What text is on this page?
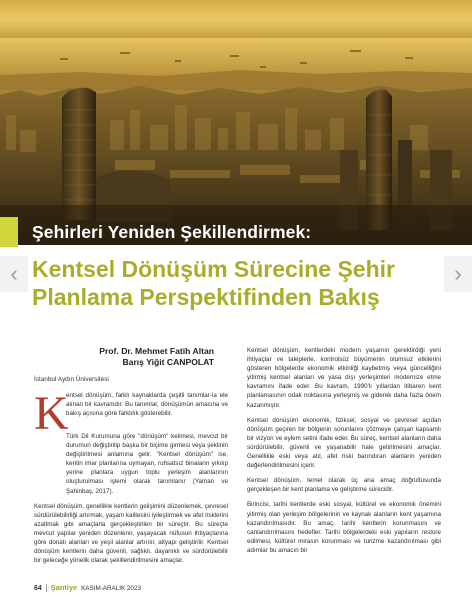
Şehirleri Yeniden Şekillendirmek:
Kentsel Dönüşüm Sürecine Şehir
Planlama Perspektifinden Bakış
‹	›
Prof. Dr. Mehmet Fatih Altan
Barış Yiğit CANPOLAT
İstanbul Aydın Üniversitesi
K

entsel dönüşüm, farklı kaynaklarda çeşitli tanımlar-la ele alınan bir kavramdır. Bu tanımlar, dönüşümün amacına ve bakış açısına göre farklılık gösterebilir.

Türk Dil Kurumuna göre "dönüşüm" kelimesi, mevcut bir durumun değiştirilip başka bir biçime girmesi veya şeklinin değiştirilmesi anlamına gelir. "Kentsel dönüşüm" ise, kentin imar planlarına uymayan, ruhsatsız binaların yıkılıp yerine planlara uygun toplu yerleşim alanlarının oluşturulması işlemi olarak tanımlanır (Yaman ve Şahinbaş, 2017).

Kentsel dönüşüm, genellikle kentlerin gelişimini düzenlemek, çevresel sürdürülebilirliği artırmak, yaşam kalitesini iyileştirmek ve afet risklerini azaltmak gibi amaçlarla gerçekleştirilen bir süreçtir. Bu süreçte mevcut yapılar yeniden düzenlenir, yaşayacak nüfusun ihtiyaçlarına göre donatı alanları ve yeşil alanlar artırılır, altyapı geliştirilir. Kentsel dönüşüm kentlerin daha güvenli, sağlıklı, dayanıklı ve sürdürülebilir bir geleceğe yönelik olarak şekillendirilmesini amaçlar.

Kentsel dönüşüm, kentlerdeki modern yaşamın gerektirdiği yeni ihtiyaçlar ve taleplerle, kontrolsüz büyümenin olumsuz etkilerini gösteren bölgelerde ekonomik etkinliği kaybetmiş veya güncelliğini yitirmiş kentsel alanları ve yasa dışı yerleşimleri modernize etme kavramını ifade eder. Bu kavram, 1990'lı yıllardan itibaren kent planlamasının odak noktasına yerleşmiş ve giderek daha fazla önem kazanmıştır.

Kentsel dönüşüm ekonomik, fiziksel, sosyal ve çevresel açıdan dönüşüm geçiren bir bölgenin sorunlarını çözmeye çalışan kapsamlı bir vizyon ve eylem setini ifade eder. Bu süreç, kentsel alanların daha sürdürülebilir, güvenli ve yaşanabilir hale getirilmesini amaçlar. Genellikle eski veya atıl, afet riski barındıran alanların yeniden değerlendirilmesini içerir.

Kentsel dönüşüm, temel olarak üç ana amaç doğrultusunda gerçekleşen bir kent planlama ve geliştirme sürecidir.

Birincisi, tarihi kentlerde eski sosyal, kültürel ve ekonomik önemini yitirmiş olan yerleşim bölgelerinin ve kaynak alanların kent yaşamına kazandırılmasıdır. Bu amaç, tarihi kentlerin korunmasını ve canlandırılmasını hedefler. Tarihi bölgelerdeki eski yapıların restore edilmesi, kültürel mirasın korunması ve turizme kazandırılması gibi adımlar bu amacın bir

64 Şantiye KASIM-ARALIK 2023
